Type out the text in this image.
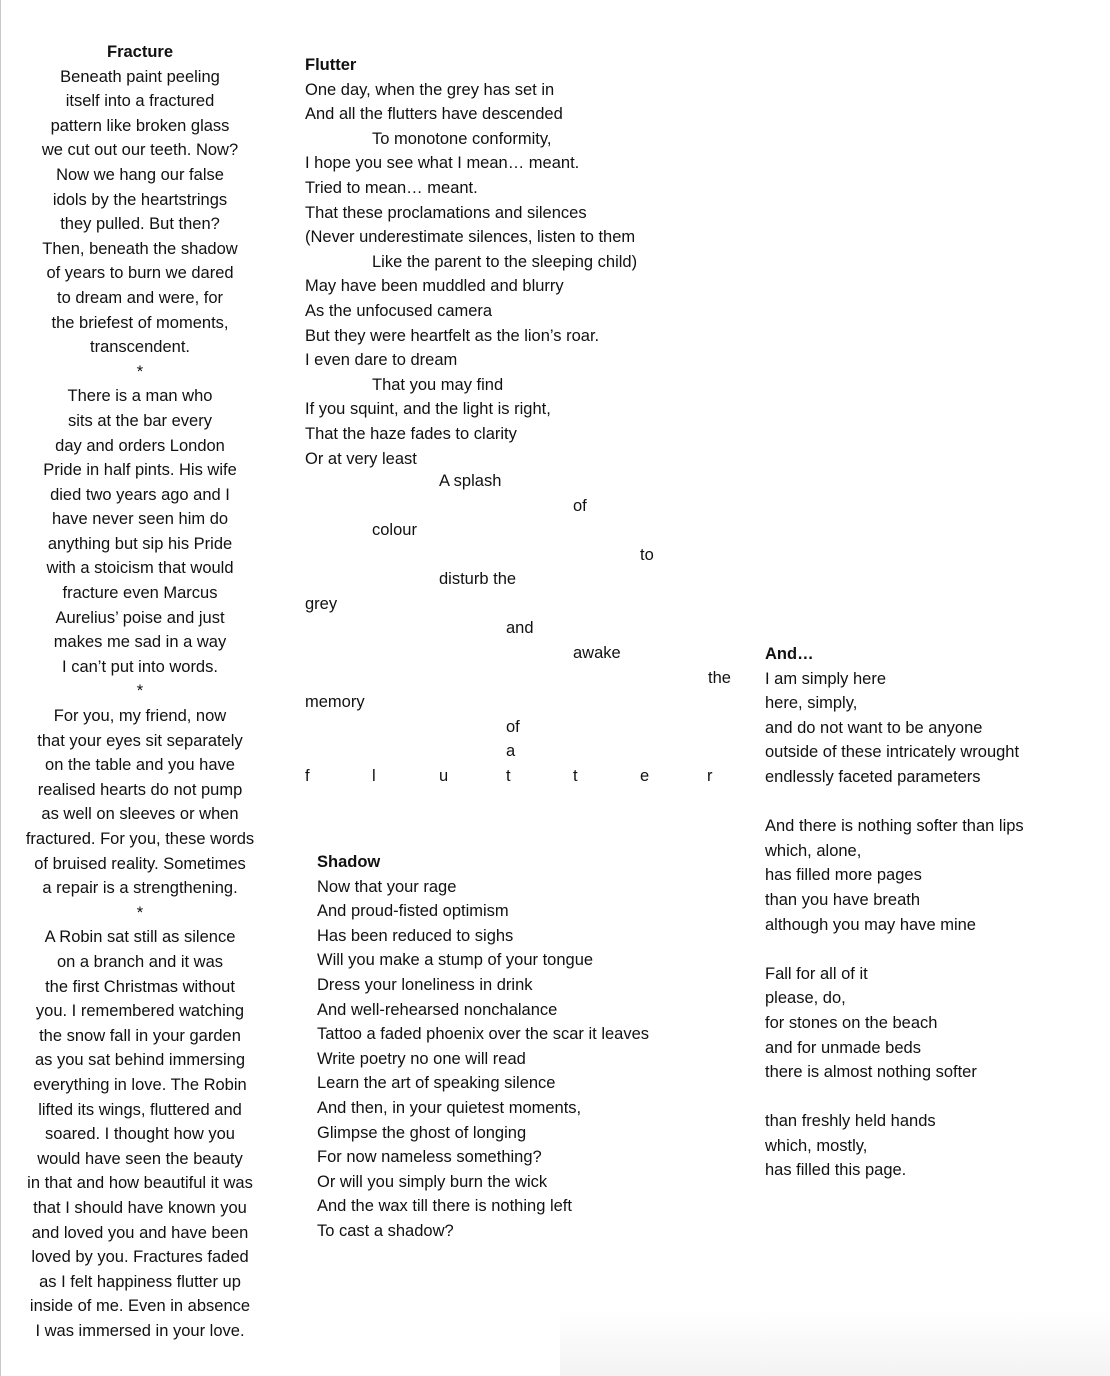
Fracture
Beneath paint peeling
itself into a fractured
pattern like broken glass
we cut out our teeth. Now?
Now we hang our false
idols by the heartstrings
they pulled. But then?
Then, beneath the shadow
of years to burn we dared
to dream and were, for
the briefest of moments,
transcendent.
*
There is a man who
sits at the bar every
day and orders London
Pride in half pints. His wife
died two years ago and I
have never seen him do
anything but sip his Pride
with a stoicism that would
fracture even Marcus
Aurelius’ poise and just
makes me sad in a way
I can’t put into words.
*
For you, my friend, now
that your eyes sit separately
on the table and you have
realised hearts do not pump
as well on sleeves or when
fractured. For you, these words
of bruised reality. Sometimes
a repair is a strengthening.
*
A Robin sat still as silence
on a branch and it was
the first Christmas without
you. I remembered watching
the snow fall in your garden
as you sat behind immersing
everything in love. The Robin
lifted its wings, fluttered and
soared. I thought how you
would have seen the beauty
in that and how beautiful it was
that I should have known you
and loved you and have been
loved by you. Fractures faded
as I felt happiness flutter up
inside of me. Even in absence
I was immersed in your love.
Flutter
One day, when the grey has set in
And all the flutters have descended
To monotone conformity,
I hope you see what I mean… meant.
Tried to mean… meant.
That these proclamations and silences
(Never underestimate silences, listen to them
Like the parent to the sleeping child)
May have been muddled and blurry
As the unfocused camera
But they were heartfelt as the lion’s roar.
I even dare to dream
That you may find
If you squint, and the light is right,
That the haze fades to clarity
Or at very least
A splash
of
colour
to
disturb the
grey
and
awake
the
memory
of
a
f	l	u	t	t	e	r
Shadow
Now that your rage
And proud-fisted optimism
Has been reduced to sighs
Will you make a stump of your tongue
Dress your loneliness in drink
And well-rehearsed nonchalance
Tattoo a faded phoenix over the scar it leaves
Write poetry no one will read
Learn the art of speaking silence
And then, in your quietest moments,
Glimpse the ghost of longing
For now nameless something?
Or will you simply burn the wick
And the wax till there is nothing left
To cast a shadow?
And…
I am simply here
here, simply,
and do not want to be anyone
outside of these intricately wrought
endlessly faceted parameters
And there is nothing softer than lips
which, alone,
has filled more pages
than you have breath
although you may have mine
Fall for all of it
please, do,
for stones on the beach
and for unmade beds
there is almost nothing softer
than freshly held hands
which, mostly,
has filled this page.
